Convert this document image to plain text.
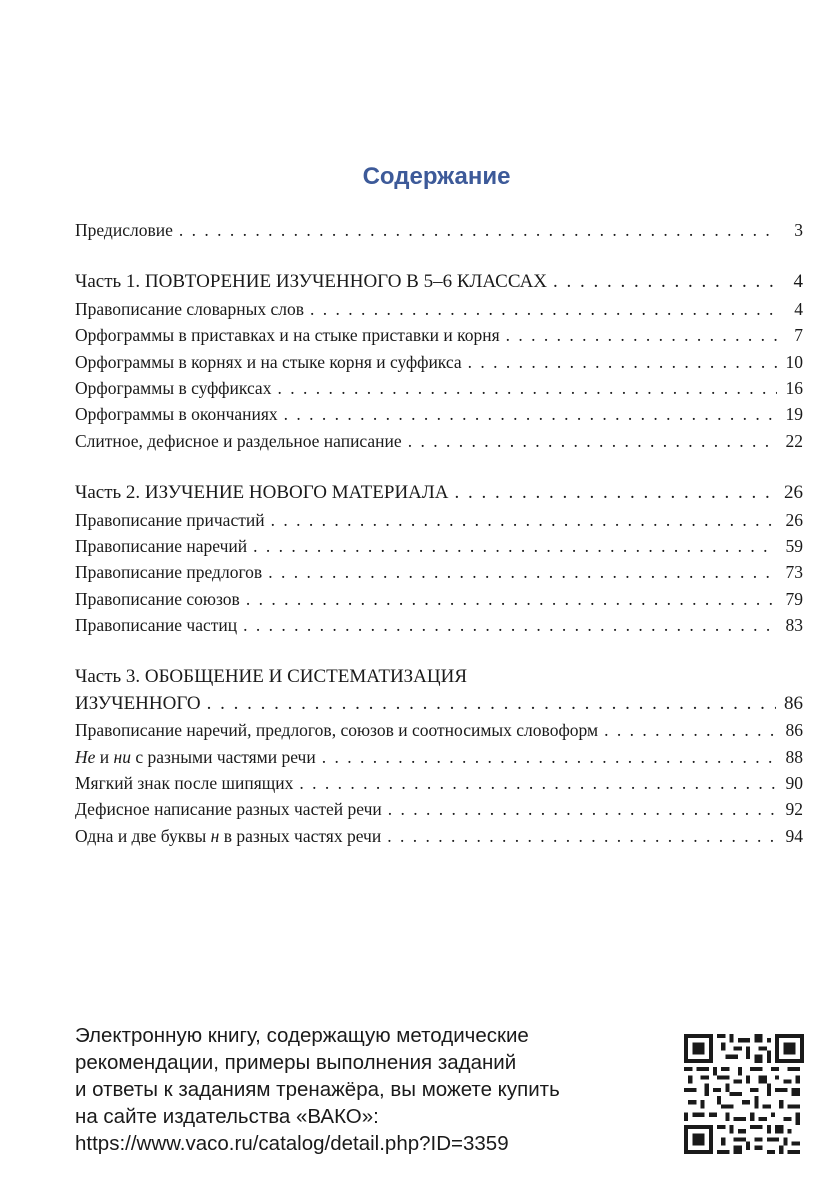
Содержание
Предисловие . . .	3
Часть 1. ПОВТОРЕНИЕ ИЗУЧЕННОГО В 5–6 КЛАССАХ . . .	4
Правописание словарных слов . . .	4
Орфограммы в приставках и на стыке приставки и корня . . .	7
Орфограммы в корнях и на стыке корня и суффикса . . .	10
Орфограммы в суффиксах . . .	16
Орфограммы в окончаниях . . .	19
Слитное, дефисное и раздельное написание . . .	22
Часть 2. ИЗУЧЕНИЕ НОВОГО МАТЕРИАЛА . . .	26
Правописание причастий . . .	26
Правописание наречий . . .	59
Правописание предлогов . . .	73
Правописание союзов . . .	79
Правописание частиц . . .	83
Часть 3. ОБОБЩЕНИЕ И СИСТЕМАТИЗАЦИЯ
ИЗУЧЕННОГО . . .	86
Правописание наречий, предлогов, союзов и соотносимых словоформ . . .	86
Не и ни с разными частями речи . . .	88
Мягкий знак после шипящих . . .	90
Дефисное написание разных частей речи . . .	92
Одна и две буквы н в разных частях речи . . .	94
Электронную книгу, содержащую методические
рекомендации, примеры выполнения заданий
и ответы к заданиям тренажёра, вы можете купить
на сайте издательства «ВАКО»:
https://www.vaco.ru/catalog/detail.php?ID=3359
